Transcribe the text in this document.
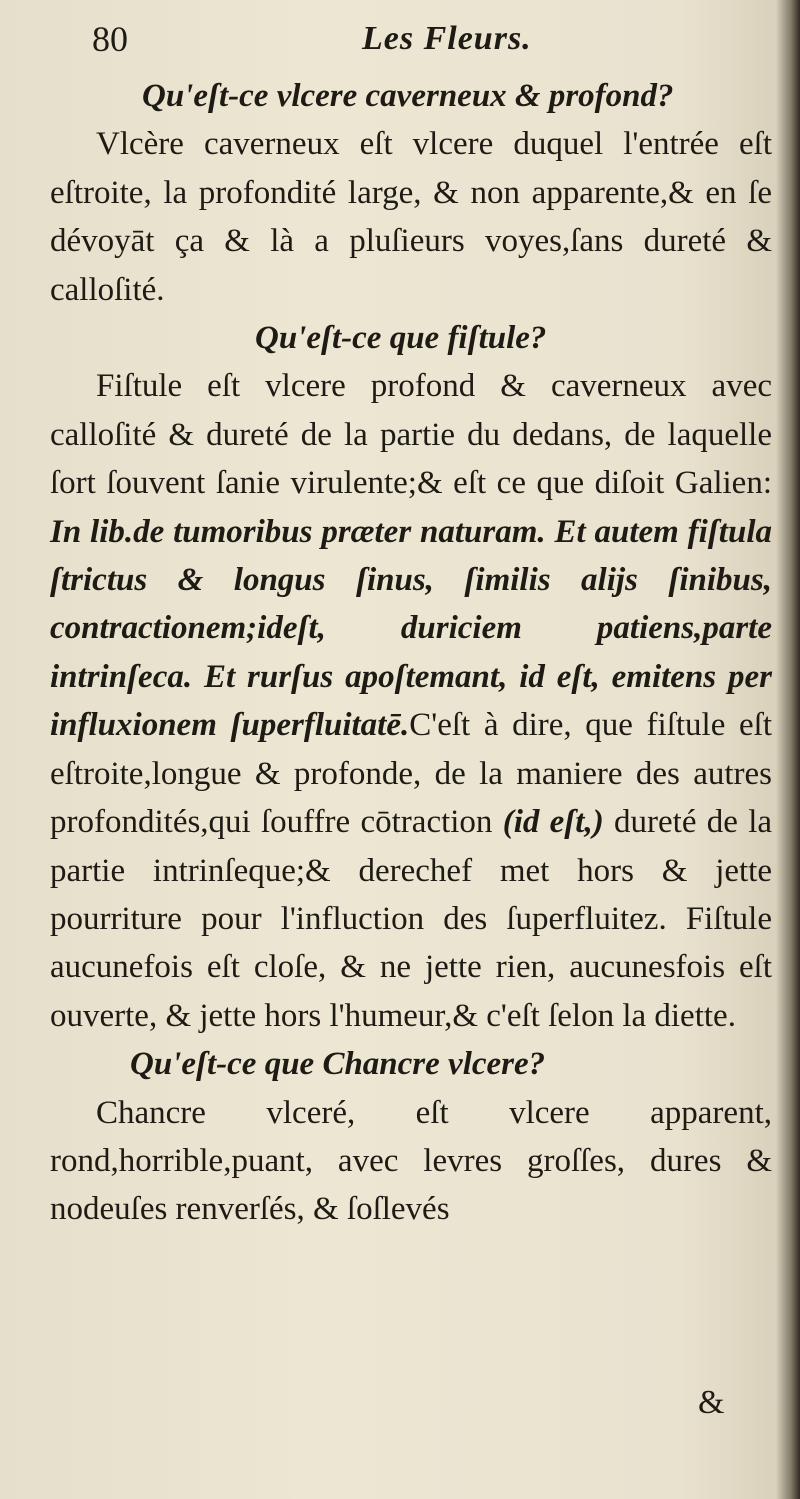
80	Les Fleurs.

Qu'eſt-ce vlcere caverneux & profond?

Vlcère caverneux eſt vlcere duquel l'entrée eſt eſtroite, la profondité large, & non apparente,& en ſe dévoyāt ça & là a pluſieurs voyes,ſans dureté & calloſité.

Qu'eſt-ce que fiſtule?

Fiſtule eſt vlcere profond & caverneux avec calloſité & dureté de la partie du dedans, de laquelle ſort ſouvent ſanie virulente;& eſt ce que diſoit Galien: In lib.de tumoribus præter naturam. Et autem fiſtula ſtrictus & longus ſinus, ſimilis alijs ſinibus, contractionem;ideſt, duriciem patiens,parte intrinſeca. Et rurſus apoſtemant, id eſt, emitens per influxionem ſuperfluitatē.C'eſt à dire, que fiſtule eſt eſtroite,longue & profonde, de la maniere des autres profondités,qui ſouffre cōtraction (id eſt,) dureté de la partie intrinſeque;& derechef met hors & jette pourriture pour l'influction des ſuperfluitez. Fiſtule aucunefois eſt cloſe, & ne jette rien, aucunesfois eſt ouverte, & jette hors l'humeur,& c'eſt ſelon la diette.

Qu'eſt-ce que Chancre vlcere?

Chancre vlceré, eſt vlcere apparent, rond,horrible,puant, avec levres groſſes, dures & nodeuſes renverſés, & ſoſlevés

&
